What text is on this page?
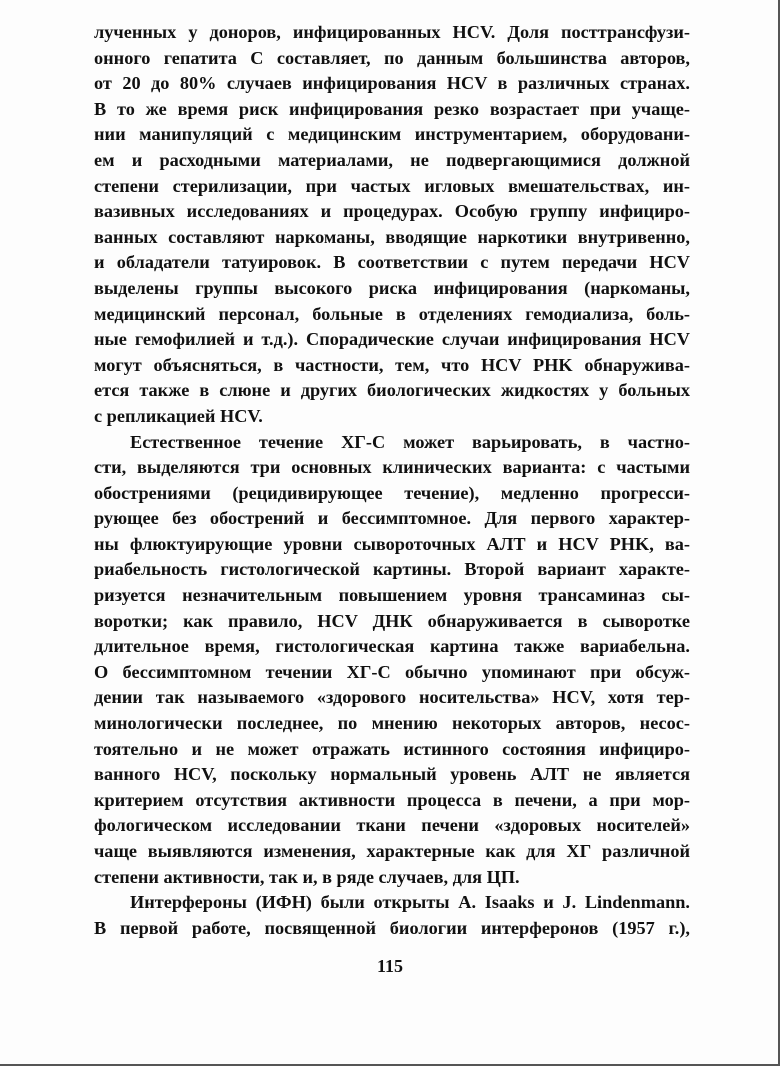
лученных у доноров, инфицированных HCV. Доля посттрансфузи-
онного гепатита С составляет, по данным большинства авторов,
от 20 до 80% случаев инфицирования HCV в различных странах.
В то же время риск инфицирования резко возрастает при учаще-
нии манипуляций с медицинским инструментарием, оборудовани-
ем и расходными материалами, не подвергающимися должной
степени стерилизации, при частых игловых вмешательствах, ин-
вазивных исследованиях и процедурах. Особую группу инфициро-
ванных составляют наркоманы, вводящие наркотики внутривенно,
и обладатели татуировок. В соответствии с путем передачи HCV
выделены группы высокого риска инфицирования (наркоманы,
медицинский персонал, больные в отделениях гемодиализа, боль-
ные гемофилией и т.д.). Спорадические случаи инфицирования HCV
могут объясняться, в частности, тем, что HCV PHK обнаружива-
ется также в слюне и других биологических жидкостях у больных
с репликацией HCV.
Естественное течение ХГ-С может варьировать, в частно-
сти, выделяются три основных клинических варианта: с частыми
обострениями (рецидивирующее течение), медленно прогресси-
рующее без обострений и бессимптомное. Для первого характер-
ны флюктуирующие уровни сывороточных АЛТ и HCV PHK, ва-
риабельность гистологической картины. Второй вариант характе-
ризуется незначительным повышением уровня трансаминаз сы-
воротки; как правило, HCV ДНК обнаруживается в сыворотке
длительное время, гистологическая картина также вариабельна.
О бессимптомном течении ХГ-С обычно упоминают при обсуж-
дении так называемого «здорового носительства» HCV, хотя тер-
минологически последнее, по мнению некоторых авторов, несос-
тоятельно и не может отражать истинного состояния инфициро-
ванного HCV, поскольку нормальный уровень АЛТ не является
критерием отсутствия активности процесса в печени, а при мор-
фологическом исследовании ткани печени «здоровых носителей»
чаще выявляются изменения, характерные как для ХГ различной
степени активности, так и, в ряде случаев, для ЦП.
Интерфероны (ИФН) были открыты A. Isaaks и J. Lindenmann.
В первой работе, посвященной биологии интерферонов (1957 г.),
115
